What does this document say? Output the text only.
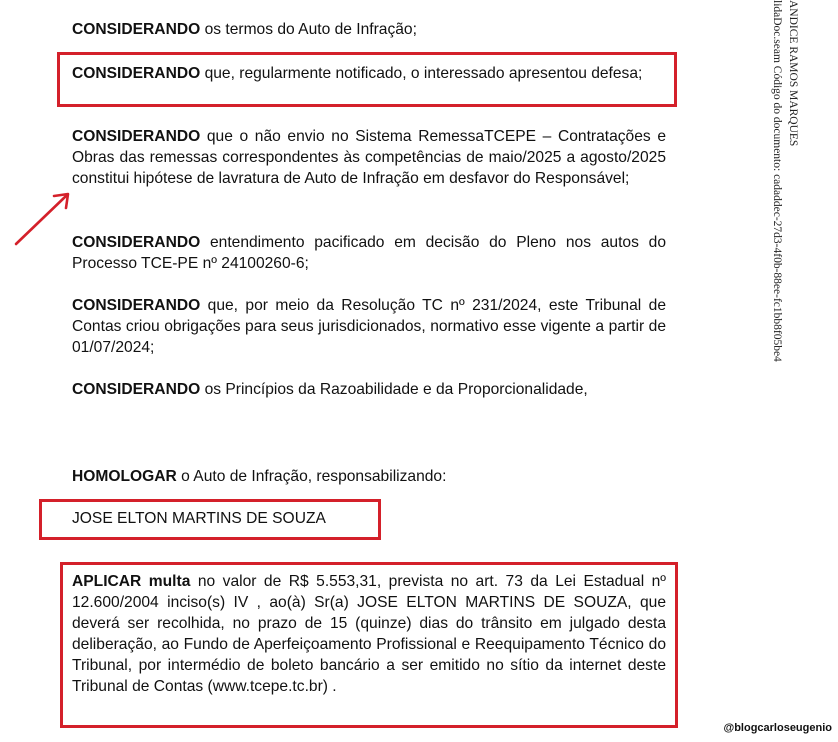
CONSIDERANDO os termos do Auto de Infração;

CONSIDERANDO que, regularmente notificado, o interessado apresentou defesa;

CONSIDERANDO que o não envio no Sistema RemessaTCEPE – Contratações e Obras das remessas correspondentes às competências de maio/2025 a agosto/2025 constitui hipótese de lavratura de Auto de Infração em desfavor do Responsável;

CONSIDERANDO entendimento pacificado em decisão do Pleno nos autos do Processo TCE-PE nº 24100260-6;

CONSIDERANDO que, por meio da Resolução TC nº 231/2024, este Tribunal de Contas criou obrigações para seus jurisdicionados, normativo esse vigente a partir de 01/07/2024;

CONSIDERANDO os Princípios da Razoabilidade e da Proporcionalidade,

HOMOLOGAR o Auto de Infração, responsabilizando:

JOSE ELTON MARTINS DE SOUZA

APLICAR multa no valor de R$ 5.553,31, prevista no art. 73 da Lei Estadual nº 12.600/2004 inciso(s) IV , ao(à) Sr(a) JOSE ELTON MARTINS DE SOUZA, que deverá ser recolhida, no prazo de 15 (quinze) dias do trânsito em julgado desta deliberação, ao Fundo de Aperfeiçoamento Profissional e Reequipamento Técnico do Tribunal, por intermédio de boleto bancário a ser emitido no sítio da internet deste Tribunal de Contas (www.tcepe.tc.br) .

ANDICE RAMOS MARQUES
lidaDoc.seam Código do documento: cadaddec-27d3-4f0b-88ee-fc1bb8f05be4
@blogcarloseugenio
